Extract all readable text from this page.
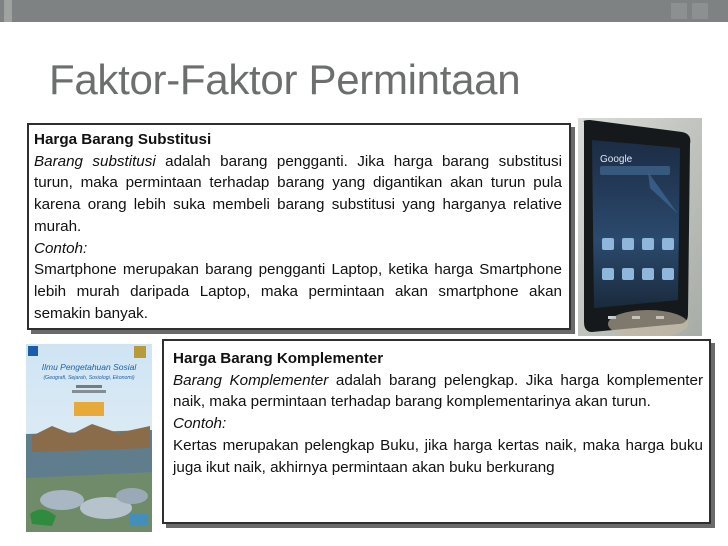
Faktor-Faktor Permintaan

Harga Barang Substitusi

Barang substitusi adalah barang pengganti. Jika harga barang substitusi turun, maka permintaan terhadap barang yang digantikan akan turun pula karena orang lebih suka membeli barang substitusi yang harganya relative murah.

Contoh:

Smartphone merupakan barang pengganti Laptop, ketika harga Smartphone lebih murah daripada Laptop, maka permintaan akan smartphone akan semakin banyak.

Harga Barang Komplementer

Barang Komplementer adalah barang pelengkap. Jika harga komplementer naik, maka permintaan terhadap barang komplementarinya akan turun.

Contoh:

Kertas merupakan pelengkap Buku, jika harga kertas naik, maka harga buku juga ikut naik, akhirnya permintaan akan buku berkurang

Google
Ilmu Pengetahuan Sosial
(Geografi, Sejarah, Sosiologi, Ekonomi)
